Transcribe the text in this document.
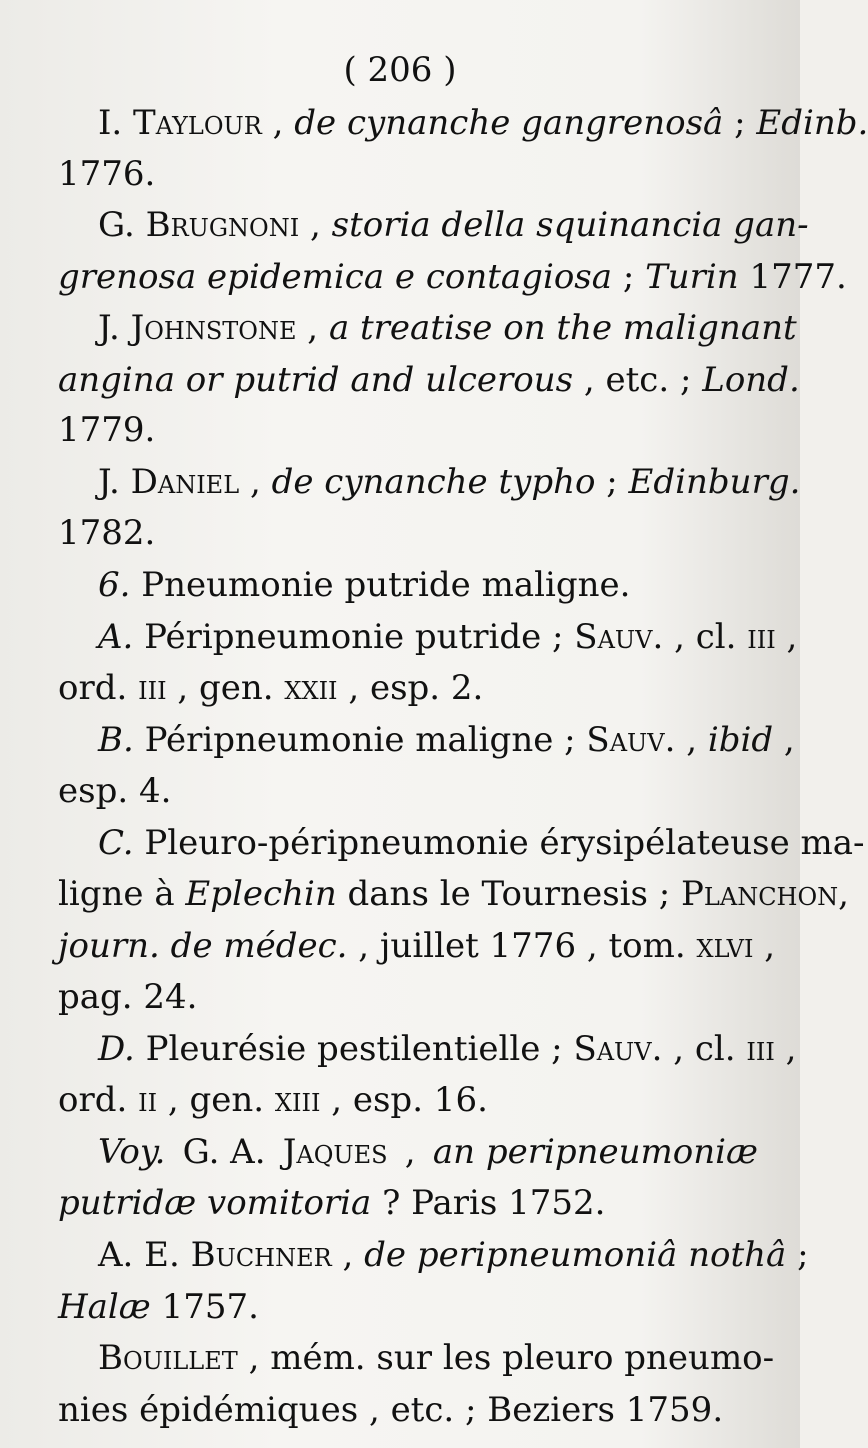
( 206 )
I. Taylour , de cynanche gangrenosâ ; Edinb.
1776.
G. Brugnoni , storia della squinancia gan-
grenosa epidemica e contagiosa ; Turin 1777.
J. Johnstone , a treatise on the malignant
angina or putrid and ulcerous , etc. ; Lond.
1779.
J. Daniel , de cynanche typho ; Edinburg.
1782.
6. Pneumonie putride maligne.
A. Péripneumonie putride ; Sauv. , cl. iii ,
ord. iii , gen. xxii , esp. 2.
B. Péripneumonie maligne ; Sauv. , ibid ,
esp. 4.
C. Pleuro-péripneumonie érysipélateuse ma-
ligne à Eplechin dans le Tournesis ; Planchon ,
journ. de médec. , juillet 1776 , tom. xlvi ,
pag. 24.
D. Pleurésie pestilentielle ; Sauv. , cl. iii ,
ord. ii , gen. xiii , esp. 16.
Voy. G. A. Jaques , an peripneumoniæ
putridæ vomitoria ? Paris 1752.
A. E. Buchner , de peripneumoniâ nothâ ;
Halæ 1757.
Bouillet , mém. sur les pleuro pneumo-
nies épidémiques , etc. ; Beziers 1759.
